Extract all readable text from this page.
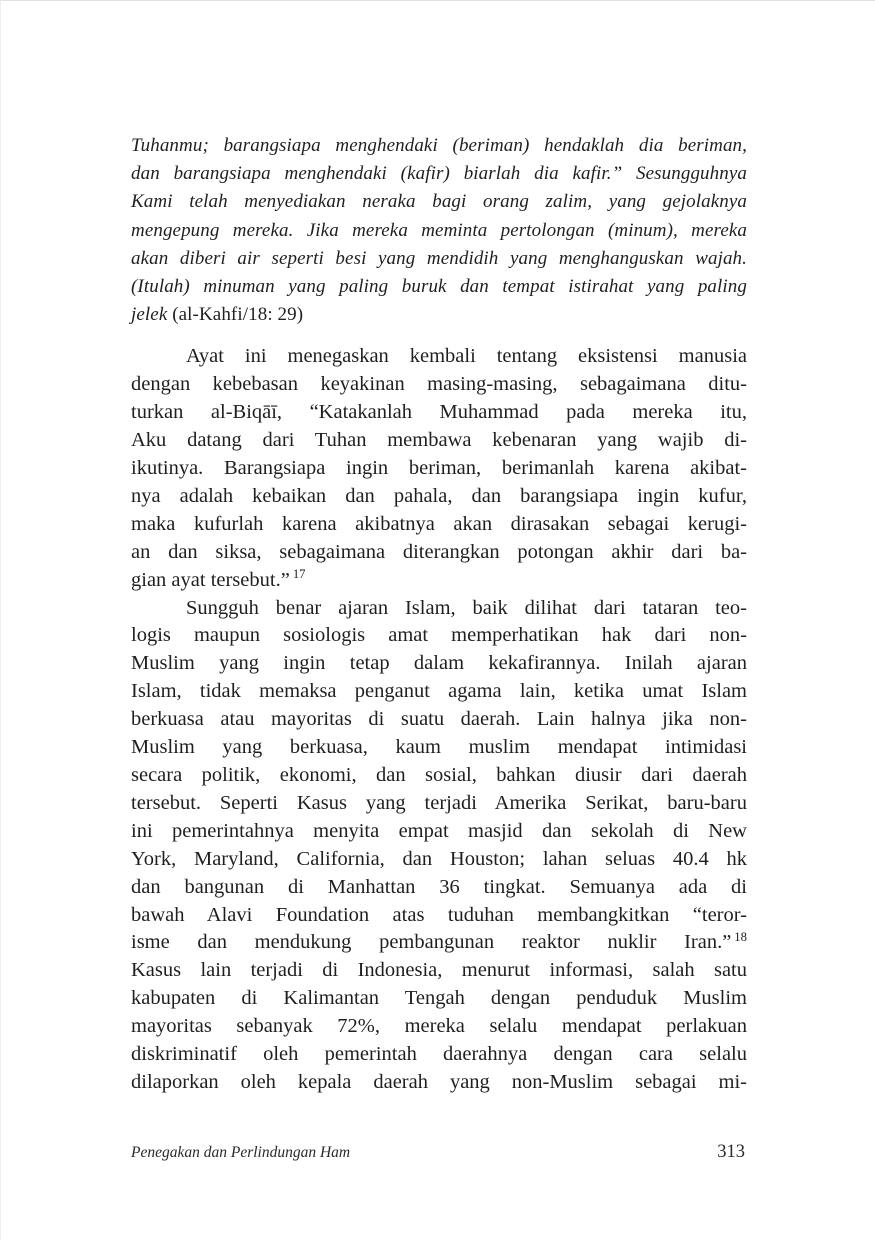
Tuhanmu; barangsiapa menghendaki (beriman) hendaklah dia beriman,
dan barangsiapa menghendaki (kafir) biarlah dia kafir.” Sesungguhnya
Kami telah menyediakan neraka bagi orang zalim, yang gejolaknya
mengepung mereka. Jika mereka meminta pertolongan (minum), mereka
akan diberi air seperti besi yang mendidih yang menghanguskan wajah.
(Itulah) minuman yang paling buruk dan tempat istirahat yang paling
jelek (al-Kahfi/18: 29)
Ayat ini menegaskan kembali tentang eksistensi manusia
dengan kebebasan keyakinan masing-masing, sebagaimana ditu-
turkan al-Biqāī, “Katakanlah Muhammad pada mereka itu,
Aku datang dari Tuhan membawa kebenaran yang wajib di-
ikutinya. Barangsiapa ingin beriman, berimanlah karena akibat-
nya adalah kebaikan dan pahala, dan barangsiapa ingin kufur,
maka kufurlah karena akibatnya akan dirasakan sebagai kerugi-
an dan siksa, sebagaimana diterangkan potongan akhir dari ba-
gian ayat tersebut.” $^{17}$
Sungguh benar ajaran Islam, baik dilihat dari tataran teo-
logis maupun sosiologis amat memperhatikan hak dari non-
Muslim yang ingin tetap dalam kekafirannya. Inilah ajaran
Islam, tidak memaksa penganut agama lain, ketika umat Islam
berkuasa atau mayoritas di suatu daerah. Lain halnya jika non-
Muslim yang berkuasa, kaum muslim mendapat intimidasi
secara politik, ekonomi, dan sosial, bahkan diusir dari daerah
tersebut. Seperti Kasus yang terjadi Amerika Serikat, baru-baru
ini pemerintahnya menyita empat masjid dan sekolah di New
York, Maryland, California, dan Houston; lahan seluas 40.4 hk
dan bangunan di Manhattan 36 tingkat. Semuanya ada di
bawah Alavi Foundation atas tuduhan membangkitkan “teror-
isme dan mendukung pembangunan reaktor nuklir Iran.” $^{18}$
Kasus lain terjadi di Indonesia, menurut informasi, salah satu
kabupaten di Kalimantan Tengah dengan penduduk Muslim
mayoritas sebanyak 72%, mereka selalu mendapat perlakuan
diskriminatif oleh pemerintah daerahnya dengan cara selalu
dilaporkan oleh kepala daerah yang non-Muslim sebagai mi-
Penegakan dan Perlindungan Ham	313
